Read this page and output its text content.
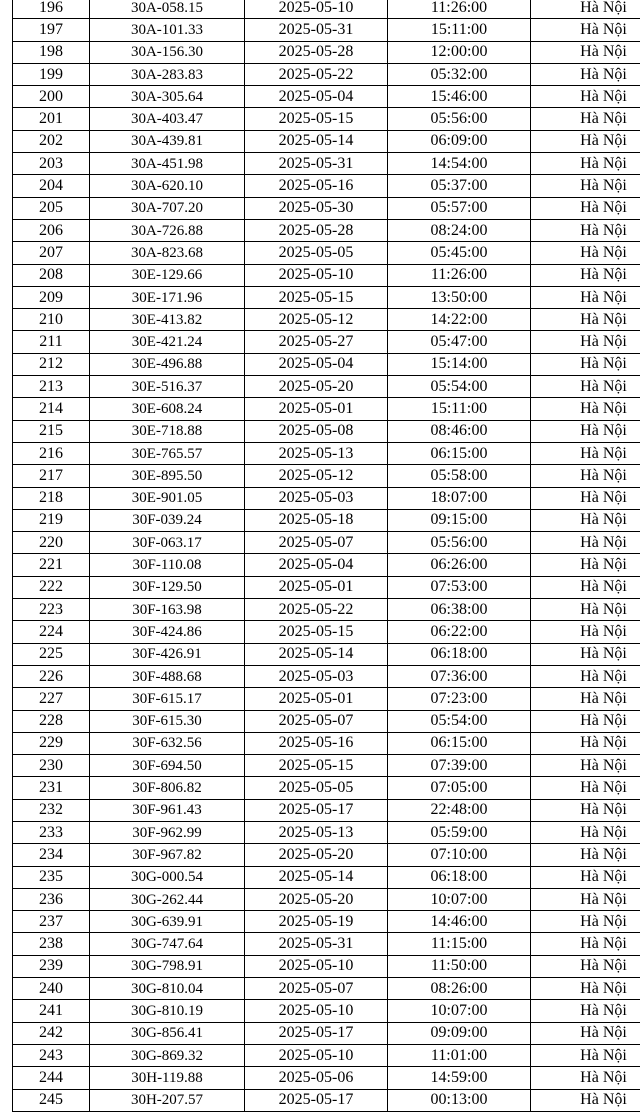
196	30A-058.15	2025-05-10	11:26:00	Hà Nội
197	30A-101.33	2025-05-31	15:11:00	Hà Nội
198	30A-156.30	2025-05-28	12:00:00	Hà Nội
199	30A-283.83	2025-05-22	05:32:00	Hà Nội
200	30A-305.64	2025-05-04	15:46:00	Hà Nội
201	30A-403.47	2025-05-15	05:56:00	Hà Nội
202	30A-439.81	2025-05-14	06:09:00	Hà Nội
203	30A-451.98	2025-05-31	14:54:00	Hà Nội
204	30A-620.10	2025-05-16	05:37:00	Hà Nội
205	30A-707.20	2025-05-30	05:57:00	Hà Nội
206	30A-726.88	2025-05-28	08:24:00	Hà Nội
207	30A-823.68	2025-05-05	05:45:00	Hà Nội
208	30E-129.66	2025-05-10	11:26:00	Hà Nội
209	30E-171.96	2025-05-15	13:50:00	Hà Nội
210	30E-413.82	2025-05-12	14:22:00	Hà Nội
211	30E-421.24	2025-05-27	05:47:00	Hà Nội
212	30E-496.88	2025-05-04	15:14:00	Hà Nội
213	30E-516.37	2025-05-20	05:54:00	Hà Nội
214	30E-608.24	2025-05-01	15:11:00	Hà Nội
215	30E-718.88	2025-05-08	08:46:00	Hà Nội
216	30E-765.57	2025-05-13	06:15:00	Hà Nội
217	30E-895.50	2025-05-12	05:58:00	Hà Nội
218	30E-901.05	2025-05-03	18:07:00	Hà Nội
219	30F-039.24	2025-05-18	09:15:00	Hà Nội
220	30F-063.17	2025-05-07	05:56:00	Hà Nội
221	30F-110.08	2025-05-04	06:26:00	Hà Nội
222	30F-129.50	2025-05-01	07:53:00	Hà Nội
223	30F-163.98	2025-05-22	06:38:00	Hà Nội
224	30F-424.86	2025-05-15	06:22:00	Hà Nội
225	30F-426.91	2025-05-14	06:18:00	Hà Nội
226	30F-488.68	2025-05-03	07:36:00	Hà Nội
227	30F-615.17	2025-05-01	07:23:00	Hà Nội
228	30F-615.30	2025-05-07	05:54:00	Hà Nội
229	30F-632.56	2025-05-16	06:15:00	Hà Nội
230	30F-694.50	2025-05-15	07:39:00	Hà Nội
231	30F-806.82	2025-05-05	07:05:00	Hà Nội
232	30F-961.43	2025-05-17	22:48:00	Hà Nội
233	30F-962.99	2025-05-13	05:59:00	Hà Nội
234	30F-967.82	2025-05-20	07:10:00	Hà Nội
235	30G-000.54	2025-05-14	06:18:00	Hà Nội
236	30G-262.44	2025-05-20	10:07:00	Hà Nội
237	30G-639.91	2025-05-19	14:46:00	Hà Nội
238	30G-747.64	2025-05-31	11:15:00	Hà Nội
239	30G-798.91	2025-05-10	11:50:00	Hà Nội
240	30G-810.04	2025-05-07	08:26:00	Hà Nội
241	30G-810.19	2025-05-10	10:07:00	Hà Nội
242	30G-856.41	2025-05-17	09:09:00	Hà Nội
243	30G-869.32	2025-05-10	11:01:00	Hà Nội
244	30H-119.88	2025-05-06	14:59:00	Hà Nội
245	30H-207.57	2025-05-17	00:13:00	Hà Nội
